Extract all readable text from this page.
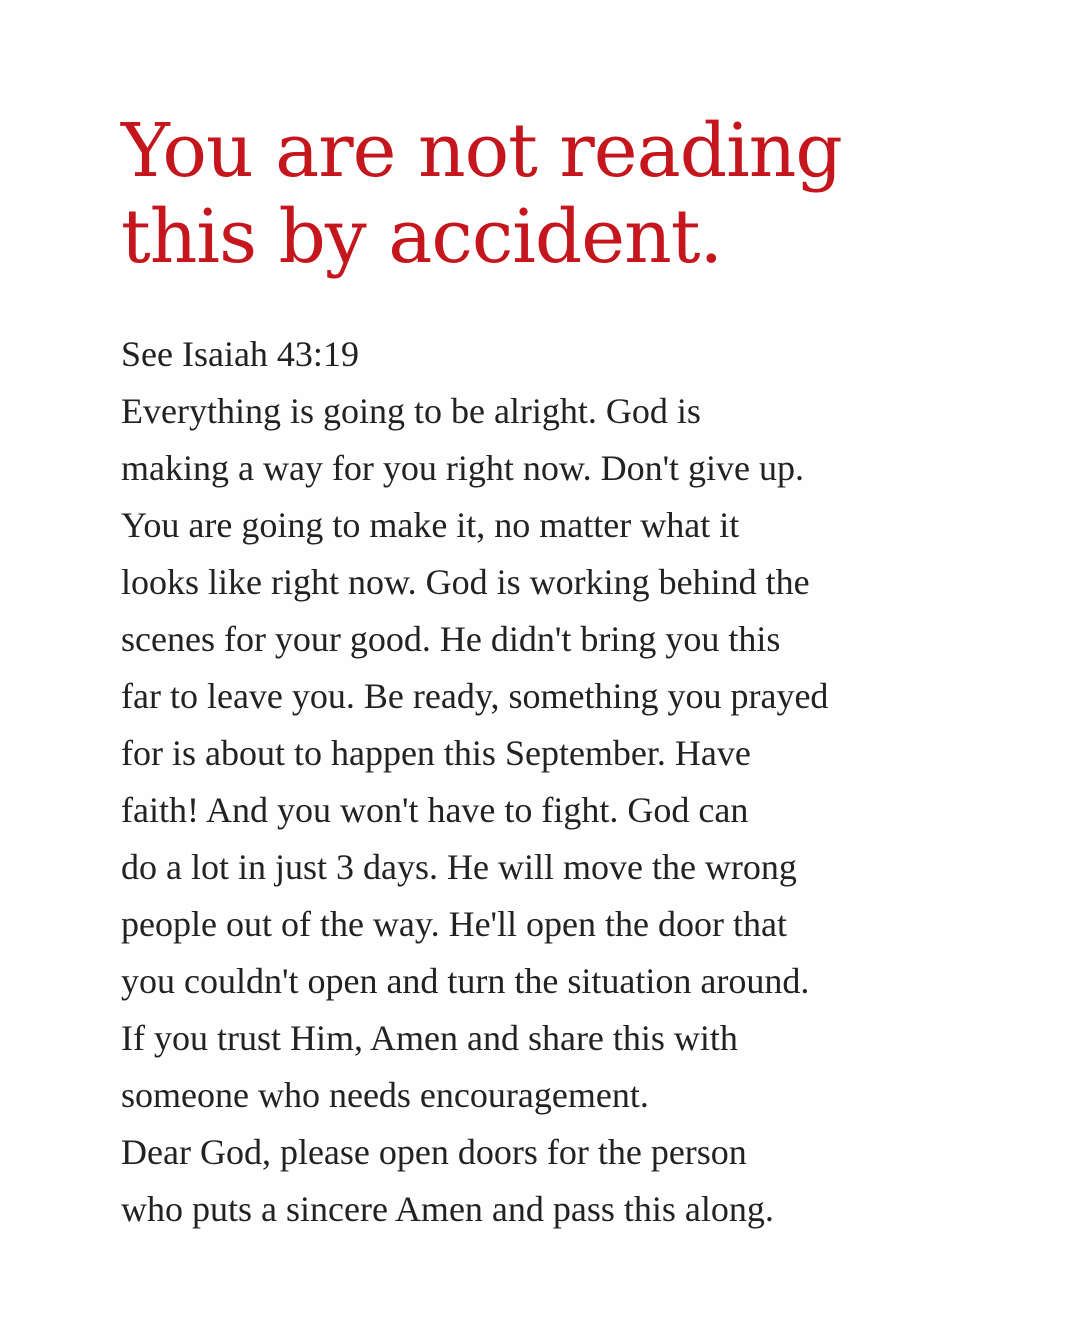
You are not reading
this by accident.
See Isaiah 43:19
Everything is going to be alright. God is
making a way for you right now. Don't give up.
You are going to make it, no matter what it
looks like right now. God is working behind the
scenes for your good. He didn't bring you this
far to leave you. Be ready, something you prayed
for is about to happen this September. Have
faith! And you won't have to fight. God can
do a lot in just 3 days. He will move the wrong
people out of the way. He'll open the door that
you couldn't open and turn the situation around.
If you trust Him, Amen and share this with
someone who needs encouragement.
Dear God, please open doors for the person
who puts a sincere Amen and pass this along.
